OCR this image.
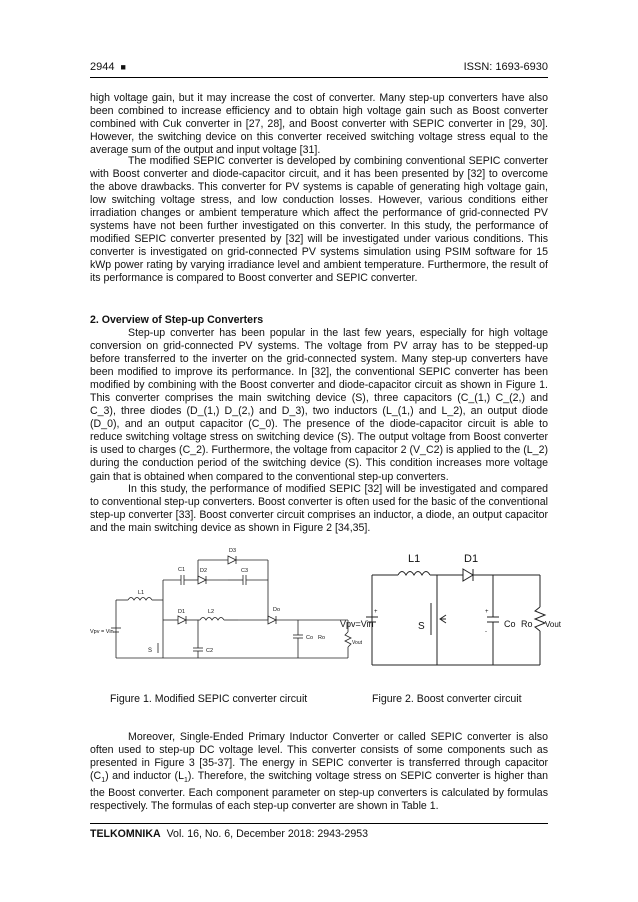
2944 ■	ISSN: 1693-6930

high voltage gain, but it may increase the cost of converter. Many step-up converters have also been combined to increase efficiency and to obtain high voltage gain such as Boost converter combined with Cuk converter in [27, 28], and Boost converter with SEPIC converter in [29, 30]. However, the switching device on this converter received switching voltage stress equal to the average sum of the output and input voltage [31].

The modified SEPIC converter is developed by combining conventional SEPIC converter with Boost converter and diode-capacitor circuit, and it has been presented by [32] to overcome the above drawbacks. This converter for PV systems is capable of generating high voltage gain, low switching voltage stress, and low conduction losses. However, various conditions either irradiation changes or ambient temperature which affect the performance of grid-connected PV systems have not been further investigated on this converter. In this study, the performance of modified SEPIC converter presented by [32] will be investigated under various conditions. This converter is investigated on grid-connected PV systems simulation using PSIM software for 15 kWp power rating by varying irradiance level and ambient temperature. Furthermore, the result of its performance is compared to Boost converter and SEPIC converter.

2. Overview of Step-up Converters

Step-up converter has been popular in the last few years, especially for high voltage conversion on grid-connected PV systems. The voltage from PV array has to be stepped-up before transferred to the inverter on the grid-connected system. Many step-up converters have been modified to improve its performance. In [32], the conventional SEPIC converter has been modified by combining with the Boost converter and diode-capacitor circuit as shown in Figure 1. This converter comprises the main switching device (S), three capacitors (C_(1,) C_(2,) and C_3), three diodes (D_(1,) D_(2,) and D_3), two inductors (L_(1,) and L_2), an output diode (D_0), and an output capacitor (C_0). The presence of the diode-capacitor circuit is able to reduce switching voltage stress on switching device (S). The output voltage from Boost converter is used to charges (C_2). Furthermore, the voltage from capacitor 2 (V_C2) is applied to the (L_2) during the conduction period of the switching device (S). This condition increases more voltage gain that is obtained when compared to the conventional step-up converters.

In this study, the performance of modified SEPIC [32] will be investigated and compared to conventional step-up converters. Boost converter is often used for the basic of the conventional step-up converter [33]. Boost converter circuit comprises an inductor, a diode, an output capacitor and the main switching device as shown in Figure 2 [34,35].

Vpv = Vin
L1
C1	D2
D3
C3
D1	L2	Do
Co Ro
Vout
S	C2
L1	D1
Vpv=Vin	S	Co Ro Vout
+	+
-
Figure 1. Modified SEPIC converter circuit	Figure 2. Boost converter circuit

Moreover, Single-Ended Primary Inductor Converter or called SEPIC converter is also often used to step-up DC voltage level. This converter consists of some components such as presented in Figure 3 [35-37]. The energy in SEPIC converter is transferred through capacitor $(C_1)$ and inductor $(L_1)$. Therefore, the switching voltage stress on SEPIC converter is higher than the Boost converter. Each component parameter on step-up converters is calculated by formulas respectively. The formulas of each step-up converter are shown in Table 1.

TELKOMNIKA Vol. 16, No. 6, December 2018: 2943-2953
